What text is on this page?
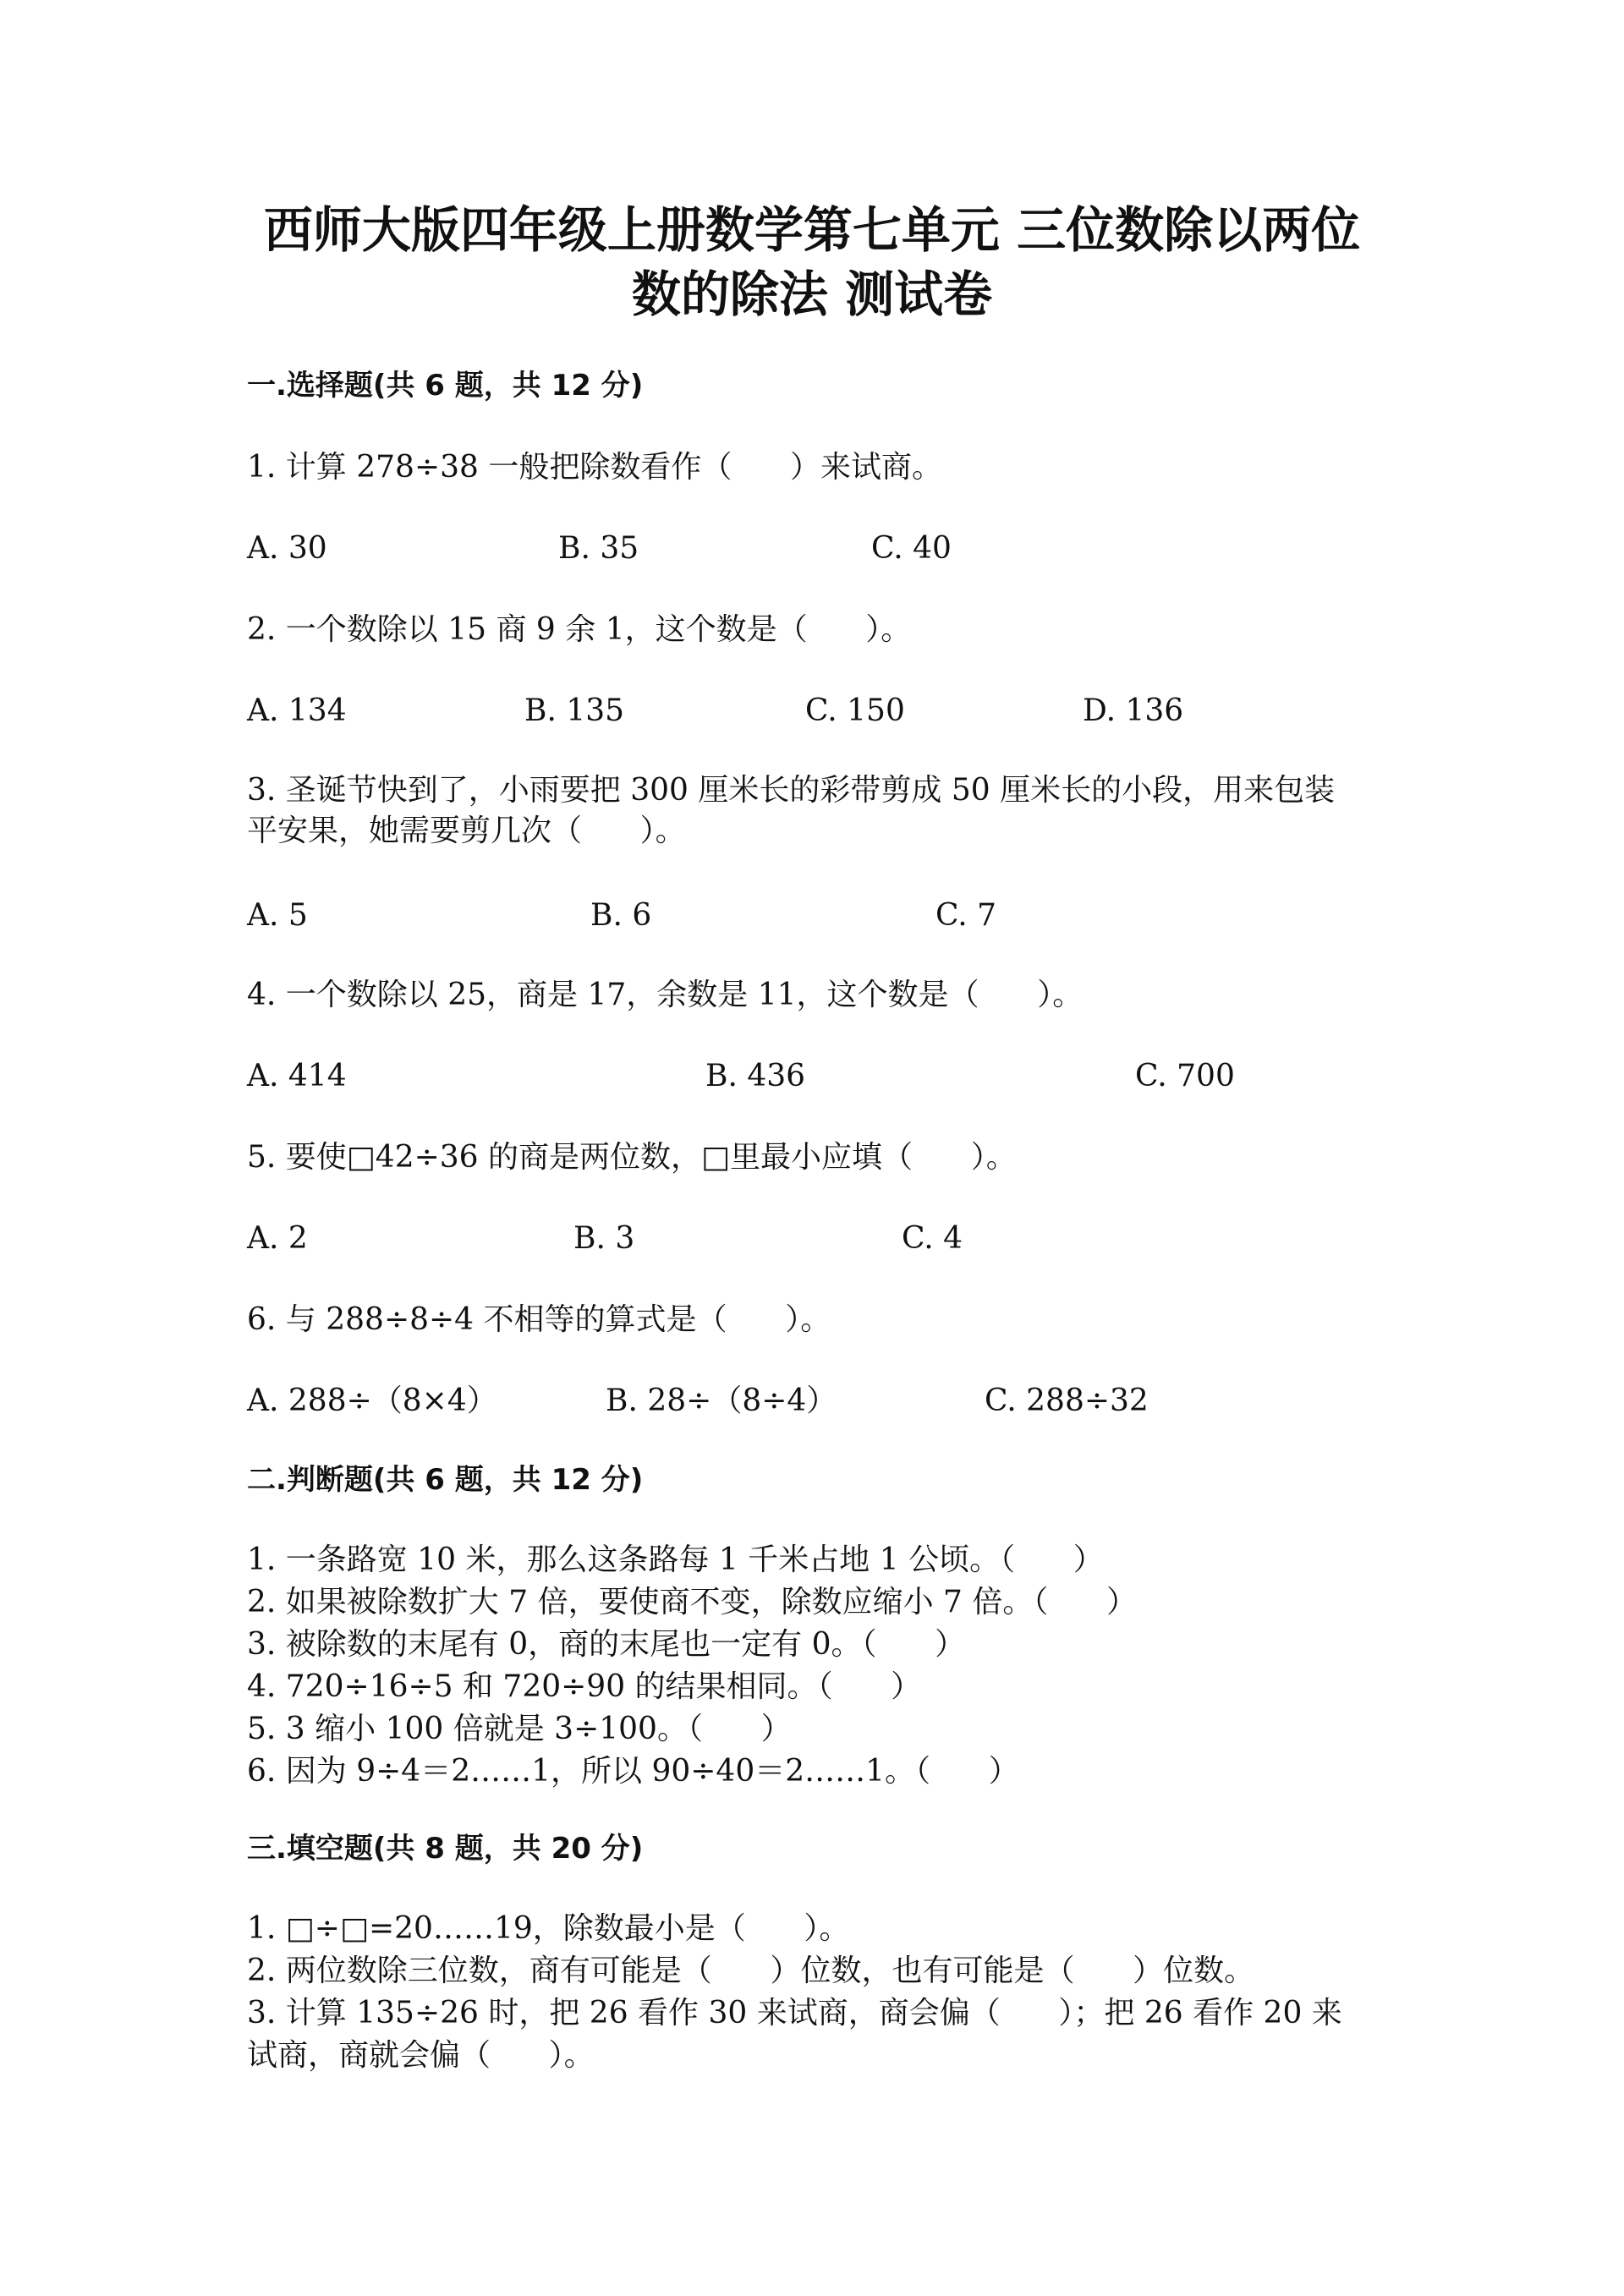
西师大版四年级上册数学第七单元 三位数除以两位
数的除法 测试卷
一.选择题(共 6 题，共 12 分)
1. 计算 278÷38 一般把除数看作（      ）来试商。
A. 30	B. 35	C. 40
2. 一个数除以 15 商 9 余 1，这个数是（      ）。
A. 134	B. 135	C. 150	D. 136
3. 圣诞节快到了，小雨要把 300 厘米长的彩带剪成 50 厘米长的小段，用来包装
平安果，她需要剪几次（      ）。
A. 5	B. 6	C. 7
4. 一个数除以 25，商是 17，余数是 11，这个数是（      ）。
A. 414	B. 436	C. 700
5. 要使□42÷36 的商是两位数，□里最小应填（      ）。
A. 2	B. 3	C. 4
6. 与 288÷8÷4 不相等的算式是（      ）。
A. 288÷（8×4）	B. 28÷（8÷4）	C. 288÷32
二.判断题(共 6 题，共 12 分)
1. 一条路宽 10 米，那么这条路每 1 千米占地 1 公顷。（      ）
2. 如果被除数扩大 7 倍，要使商不变，除数应缩小 7 倍。（      ）
3. 被除数的末尾有 0，商的末尾也一定有 0。（      ）
4. 720÷16÷5 和 720÷90 的结果相同。（      ）
5. 3 缩小 100 倍就是 3÷100。（      ）
6. 因为 9÷4＝2……1，所以 90÷40＝2……1。（      ）
三.填空题(共 8 题，共 20 分)
1. □÷□=20……19，除数最小是（      ）。
2. 两位数除三位数，商有可能是（      ）位数，也有可能是（      ）位数。
3. 计算 135÷26 时，把 26 看作 30 来试商，商会偏（      ）；把 26 看作 20 来
试商，商就会偏（      ）。
